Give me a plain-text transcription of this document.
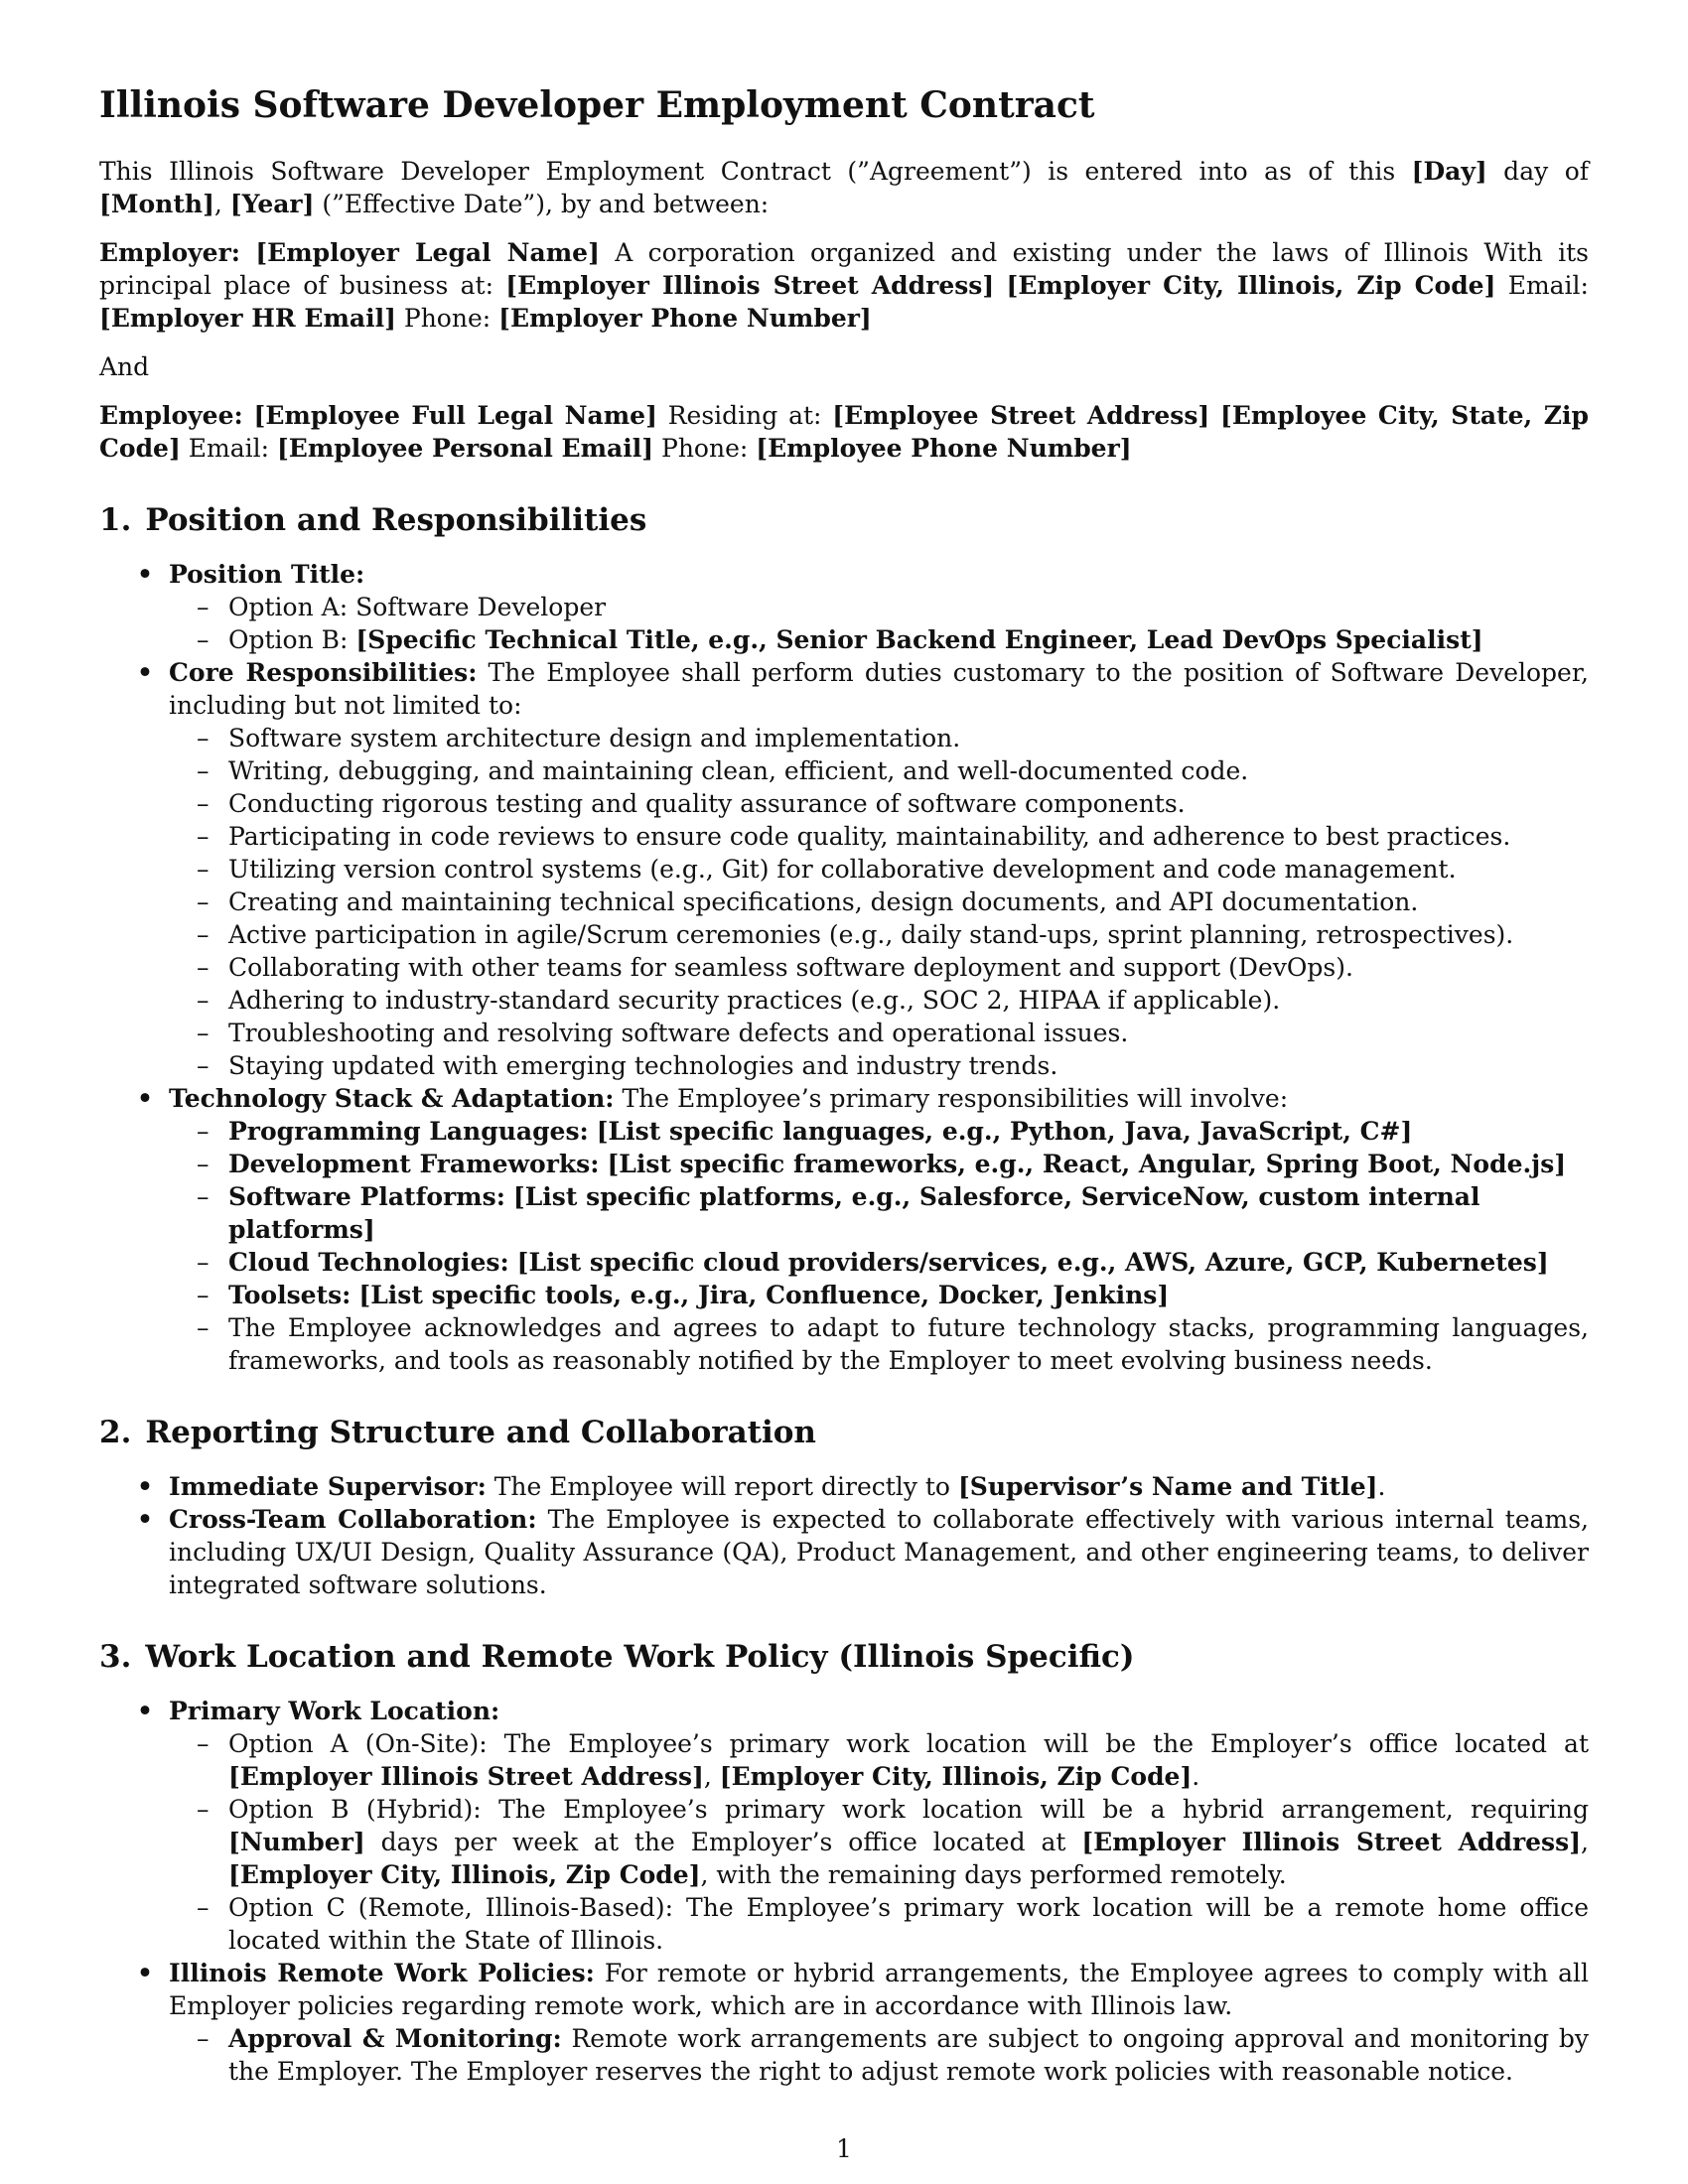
Illinois Software Developer Employment Contract

This Illinois Software Developer Employment Contract (”Agreement”) is entered into as of this [Day] day of [Month], [Year] (”Effective Date”), by and between:

Employer: [Employer Legal Name] A corporation organized and existing under the laws of Illinois With its principal place of business at: [Employer Illinois Street Address] [Employer City, Illinois, Zip Code] Email: [Employer HR Email] Phone: [Employer Phone Number]

And

Employee: [Employee Full Legal Name] Residing at: [Employee Street Address] [Employee City, State, Zip Code] Email: [Employee Personal Email] Phone: [Employee Phone Number]

1. Position and Responsibilities
• Position Title:
– Option A: Software Developer
– Option B: [Specific Technical Title, e.g., Senior Backend Engineer, Lead DevOps Specialist]
• Core Responsibilities: The Employee shall perform duties customary to the position of Software Developer, including but not limited to:
– Software system architecture design and implementation.
– Writing, debugging, and maintaining clean, efficient, and well-documented code.
– Conducting rigorous testing and quality assurance of software components.
– Participating in code reviews to ensure code quality, maintainability, and adherence to best practices.
– Utilizing version control systems (e.g., Git) for collaborative development and code management.
– Creating and maintaining technical specifications, design documents, and API documentation.
– Active participation in agile/Scrum ceremonies (e.g., daily stand-ups, sprint planning, retrospectives).
– Collaborating with other teams for seamless software deployment and support (DevOps).
– Adhering to industry-standard security practices (e.g., SOC 2, HIPAA if applicable).
– Troubleshooting and resolving software defects and operational issues.
– Staying updated with emerging technologies and industry trends.
• Technology Stack & Adaptation: The Employee’s primary responsibilities will involve:
– Programming Languages: [List specific languages, e.g., Python, Java, JavaScript, C#]
– Development Frameworks: [List specific frameworks, e.g., React, Angular, Spring Boot, Node.js]
– Software Platforms: [List specific platforms, e.g., Salesforce, ServiceNow, custom internal platforms]
– Cloud Technologies: [List specific cloud providers/services, e.g., AWS, Azure, GCP, Kubernetes]
– Toolsets: [List specific tools, e.g., Jira, Confluence, Docker, Jenkins]
– The Employee acknowledges and agrees to adapt to future technology stacks, programming languages, frameworks, and tools as reasonably notified by the Employer to meet evolving business needs.
2. Reporting Structure and Collaboration
• Immediate Supervisor: The Employee will report directly to [Supervisor’s Name and Title].
• Cross-Team Collaboration: The Employee is expected to collaborate effectively with various internal teams, including UX/UI Design, Quality Assurance (QA), Product Management, and other engineering teams, to deliver integrated software solutions.
3. Work Location and Remote Work Policy (Illinois Specific)
• Primary Work Location:
– Option A (On-Site): The Employee’s primary work location will be the Employer’s office located at [Employer Illinois Street Address], [Employer City, Illinois, Zip Code].
– Option B (Hybrid): The Employee’s primary work location will be a hybrid arrangement, requiring [Number] days per week at the Employer’s office located at [Employer Illinois Street Address], [Employer City, Illinois, Zip Code], with the remaining days performed remotely.
– Option C (Remote, Illinois-Based): The Employee’s primary work location will be a remote home office located within the State of Illinois.
• Illinois Remote Work Policies: For remote or hybrid arrangements, the Employee agrees to comply with all Employer policies regarding remote work, which are in accordance with Illinois law.
– Approval & Monitoring: Remote work arrangements are subject to ongoing approval and monitoring by the Employer. The Employer reserves the right to adjust remote work policies with reasonable notice.
1
